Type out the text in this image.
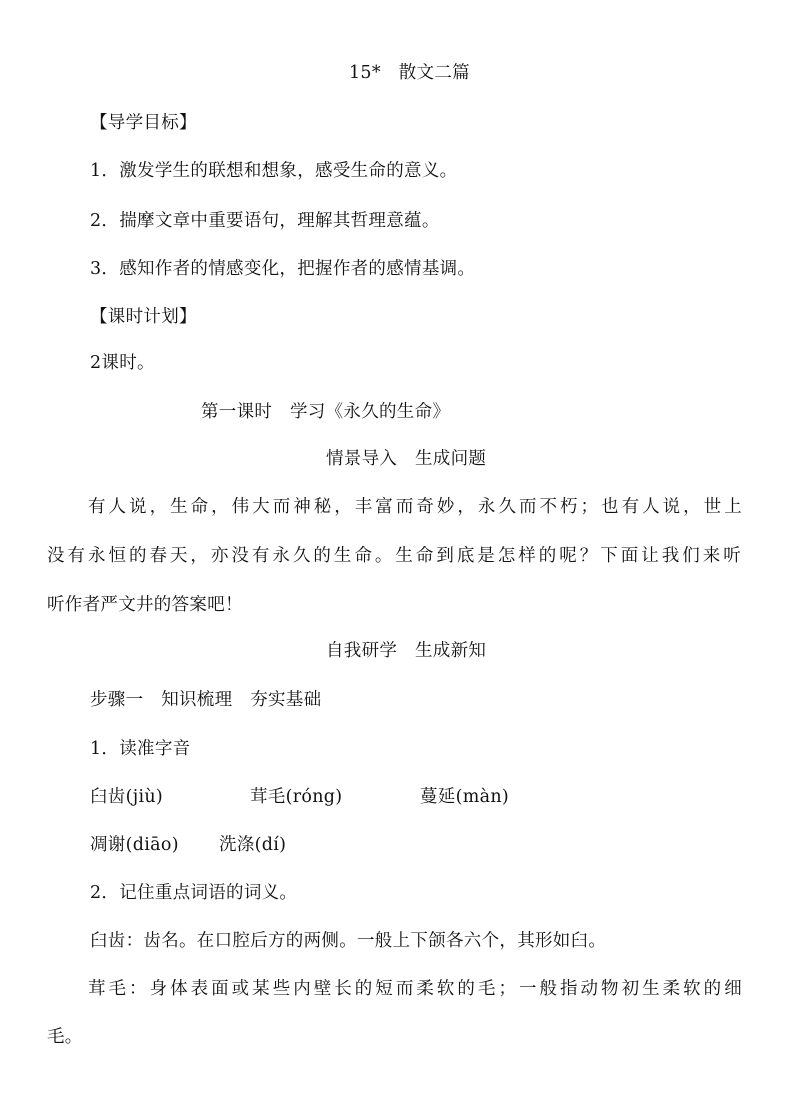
15*　散文二篇
【导学目标】
1．激发学生的联想和想象，感受生命的意义。
2．揣摩文章中重要语句，理解其哲理意蕴。
3．感知作者的情感变化，把握作者的感情基调。
【课时计划】
2课时。
第一课时　学习《永久的生命》
情景导入　生成问题
有人说，生命，伟大而神秘，丰富而奇妙，永久而不朽；也有人说，世上
没有永恒的春天，亦没有永久的生命。生命到底是怎样的呢？下面让我们来听
听作者严文井的答案吧！
自我研学　生成新知
步骤一　知识梳理　夯实基础
1．读准字音
臼齿(jiù)	茸毛(róng)	蔓延(màn)
凋谢(diāo) 洗涤(dí)
2．记住重点词语的词义。
臼齿：齿名。在口腔后方的两侧。一般上下颌各六个，其形如臼。
茸毛：身体表面或某些内壁长的短而柔软的毛；一般指动物初生柔软的细
毛。
